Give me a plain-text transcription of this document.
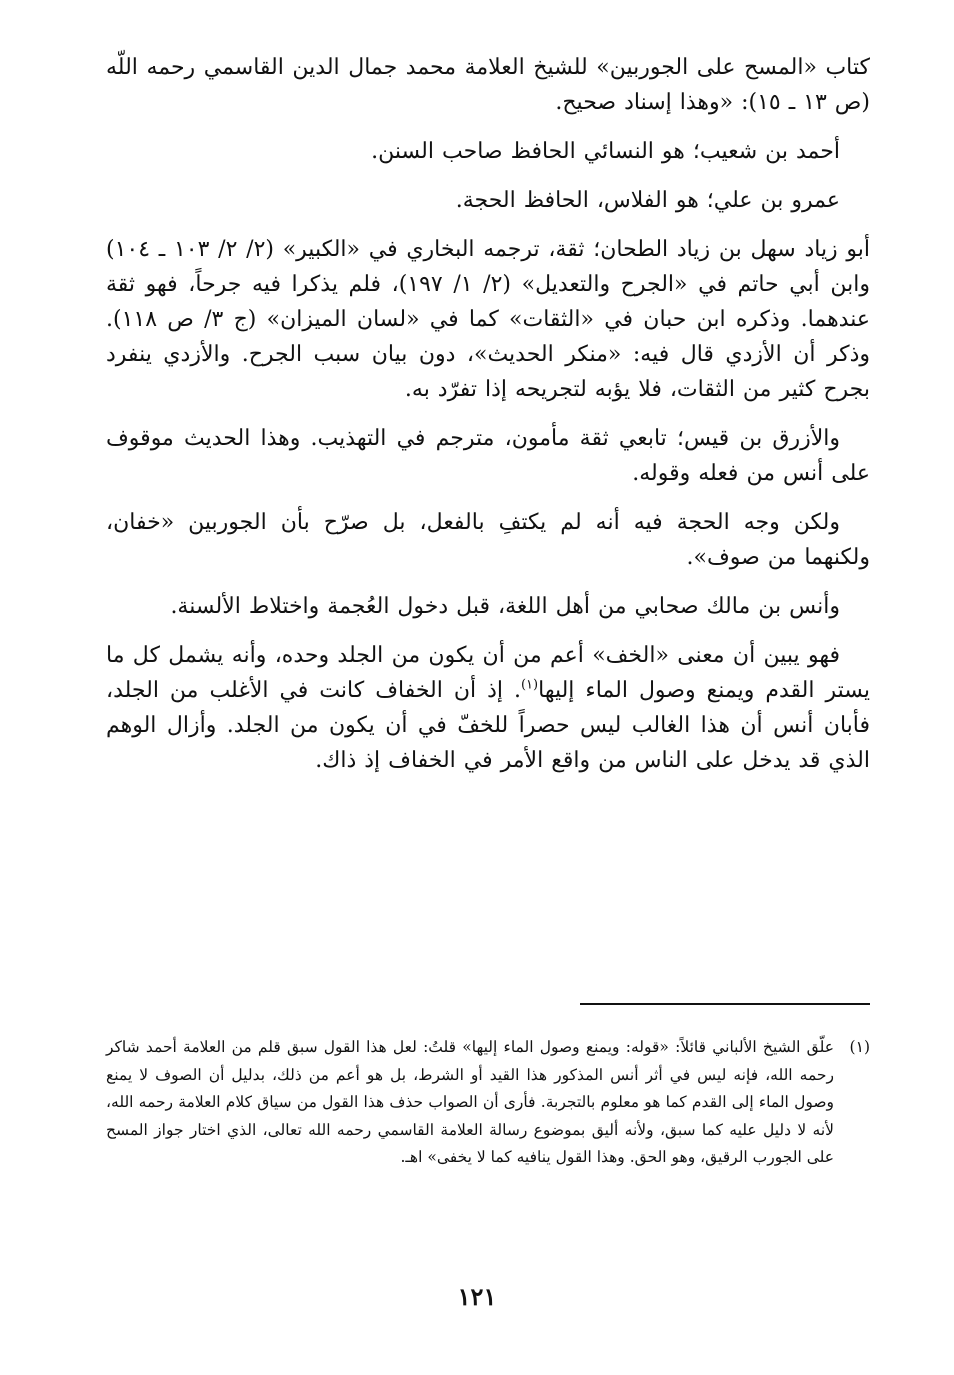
كتاب «المسح على الجوربين» للشيخ العلامة محمد جمال الدين القاسمي رحمه اللّه (ص ١٣ ـ ١٥): «وهذا إسناد صحيح.

أحمد بن شعيب؛ هو النسائي الحافظ صاحب السنن.

عمرو بن علي؛ هو الفلاس، الحافظ الحجة.

أبو زياد سهل بن زياد الطحان؛ ثقة، ترجمه البخاري في «الكبير» (٢/ ٢/ ١٠٣ ـ ١٠٤) وابن أبي حاتم في «الجرح والتعديل» (٢/ ١/ ١٩٧)، فلم يذكرا فيه جرحاً، فهو ثقة عندهما. وذكره ابن حبان في «الثقات» كما في «لسان الميزان» (ج ٣/ ص ١١٨). وذكر أن الأزدي قال فيه: «منكر الحديث»، دون بيان سبب الجرح. والأزدي ينفرد بجرح كثير من الثقات، فلا يؤبه لتجريحه إذا تفرّد به.

والأزرق بن قيس؛ تابعي ثقة مأمون، مترجم في التهذيب. وهذا الحديث موقوف على أنس من فعله وقوله.

ولكن وجه الحجة فيه أنه لم يكتفِ بالفعل، بل صرّح بأن الجوربين «خفان، ولكنهما من صوف».

وأنس بن مالك صحابي من أهل اللغة، قبل دخول العُجمة واختلاط الألسنة.

فهو يبين أن معنى «الخف» أعم من أن يكون من الجلد وحده، وأنه يشمل كل ما يستر القدم ويمنع وصول الماء إليها$^{(١)}$. إذ أن الخفاف كانت في الأغلب من الجلد، فأبان أنس أن هذا الغالب ليس حصراً للخفّ في أن يكون من الجلد. وأزال الوهم الذي قد يدخل على الناس من واقع الأمر في الخفاف إذ ذاك.

(١)
علّق الشيخ الألباني قائلاً: «قوله: ويمنع وصول الماء إليها» قلتُ: لعل هذا القول سبق قلم من العلامة أحمد شاكر رحمه الله، فإنه ليس في أثر أنس المذكور هذا القيد أو الشرط، بل هو أعم من ذلك، بدليل أن الصوف لا يمنع وصول الماء إلى القدم كما هو معلوم بالتجربة. فأرى أن الصواب حذف هذا القول من سياق كلام العلامة رحمه الله، لأنه لا دليل عليه كما سبق، ولأنه أليق بموضوع رسالة العلامة القاسمي رحمه الله تعالى، الذي اختار جواز المسح على الجورب الرقيق، وهو الحق. وهذا القول ينافيه كما لا يخفى» اهـ.
١٢١
